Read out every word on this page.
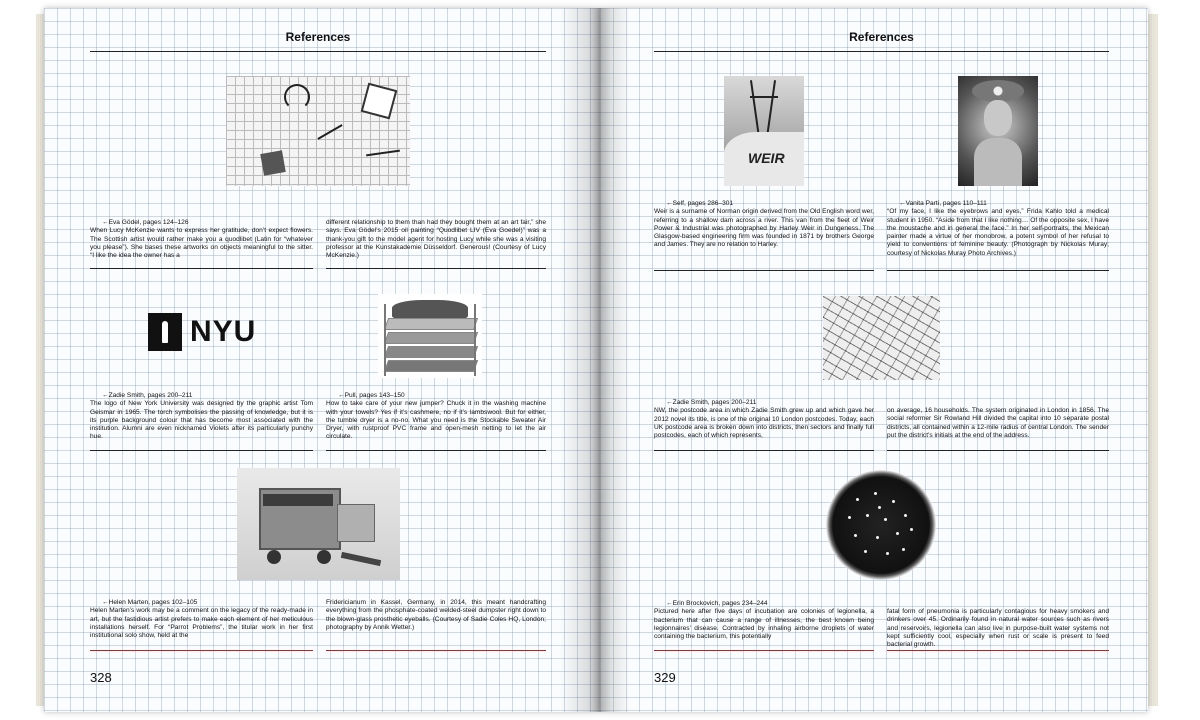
References
← Eva Gödel, pages 124–126
When Lucy McKenzie wants to express her gratitude, don’t expect flowers. The Scottish artist would rather make you a quodlibet (Latin for “whatever you please”). She bases these artworks on objects meaningful to the sitter. “I like the idea the owner has a
different relationship to them than had they bought them at an art fair,” she says. Eva Gödel’s 2015 oil painting “Quodlibet LIV (Eva Goedel)” was a thank-you gift to the model agent for hosting Lucy while she was a visiting professor at the Kunstakademie Düsseldorf. Generous! (Courtesy of Lucy McKenzie.)
NYU
← Zadie Smith, pages 200–211
The logo of New York University was designed by the graphic artist Tom Geismar in 1965. The torch symbolises the passing of knowledge, but it is its purple background colour that has become most associated with the institution. Alumni are even nicknamed Violets after its particularly punchy hue.
← Pull, pages 143–150
How to take care of your new jumper? Chuck it in the washing machine with your towels? Yes if it’s cashmere, no if it’s lambswool. But for either, the tumble dryer is a no-no. What you need is the Stockable Sweater Air Dryer, with rustproof PVC frame and open-mesh netting to let the air circulate.
← Helen Marten, pages 102–105
Helen Marten’s work may be a comment on the legacy of the ready-made in art, but the fastidious artist prefers to make each element of her meticulous installations herself. For “Parrot Problems”, the titular work in her first institutional solo show, held at the
Fridericianum in Kassel, Germany, in 2014, this meant handcrafting everything from the phosphate-coated welded-steel dumpster right down to the blown-glass prosthetic eyeballs. (Courtesy of Sadie Coles HQ, London; photography by Annik Wetter.)
328
References
WEIR
← Self, pages 286–301
Weir is a surname of Norman origin derived from the Old English word wer, referring to a shallow dam across a river. This van from the fleet of Weir Power & Industrial was photographed by Harley Weir in Dungeness. The Glasgow-based engineering firm was founded in 1871 by brothers George and James. They are no relation to Harley.
← Vanita Parti, pages 110–111
“Of my face, I like the eyebrows and eyes,” Frida Kahlo told a medical student in 1950. “Aside from that I like nothing… Of the opposite sex, I have the moustache and in general the face.” In her self-portraits, the Mexican painter made a virtue of her monobrow, a potent symbol of her refusal to yield to conventions of feminine beauty. (Photograph by Nickolas Muray; courtesy of Nickolas Muray Photo Archives.)
← Zadie Smith, pages 200–211
NW, the postcode area in which Zadie Smith grew up and which gave her 2012 novel its title, is one of the original 10 London postcodes. Today, each UK postcode area is broken down into districts, then sectors and finally full postcodes, each of which represents,
on average, 16 households. The system originated in London in 1856. The social reformer Sir Rowland Hill divided the capital into 10 separate postal districts, all contained within a 12-mile radius of central London. The sender put the district’s initials at the end of the address.
← Erin Brockovich, pages 234–244
Pictured here after five days of incubation are colonies of legionella, a bacterium that can cause a range of illnesses, the best known being legionnaires’ disease. Contracted by inhaling airborne droplets of water containing the bacterium, this potentially
fatal form of pneumonia is particularly contagious for heavy smokers and drinkers over 45. Ordinarily found in natural water sources such as rivers and reservoirs, legionella can also live in purpose-built water systems not kept sufficiently cool, especially when rust or scale is present to feed bacterial growth.
329
